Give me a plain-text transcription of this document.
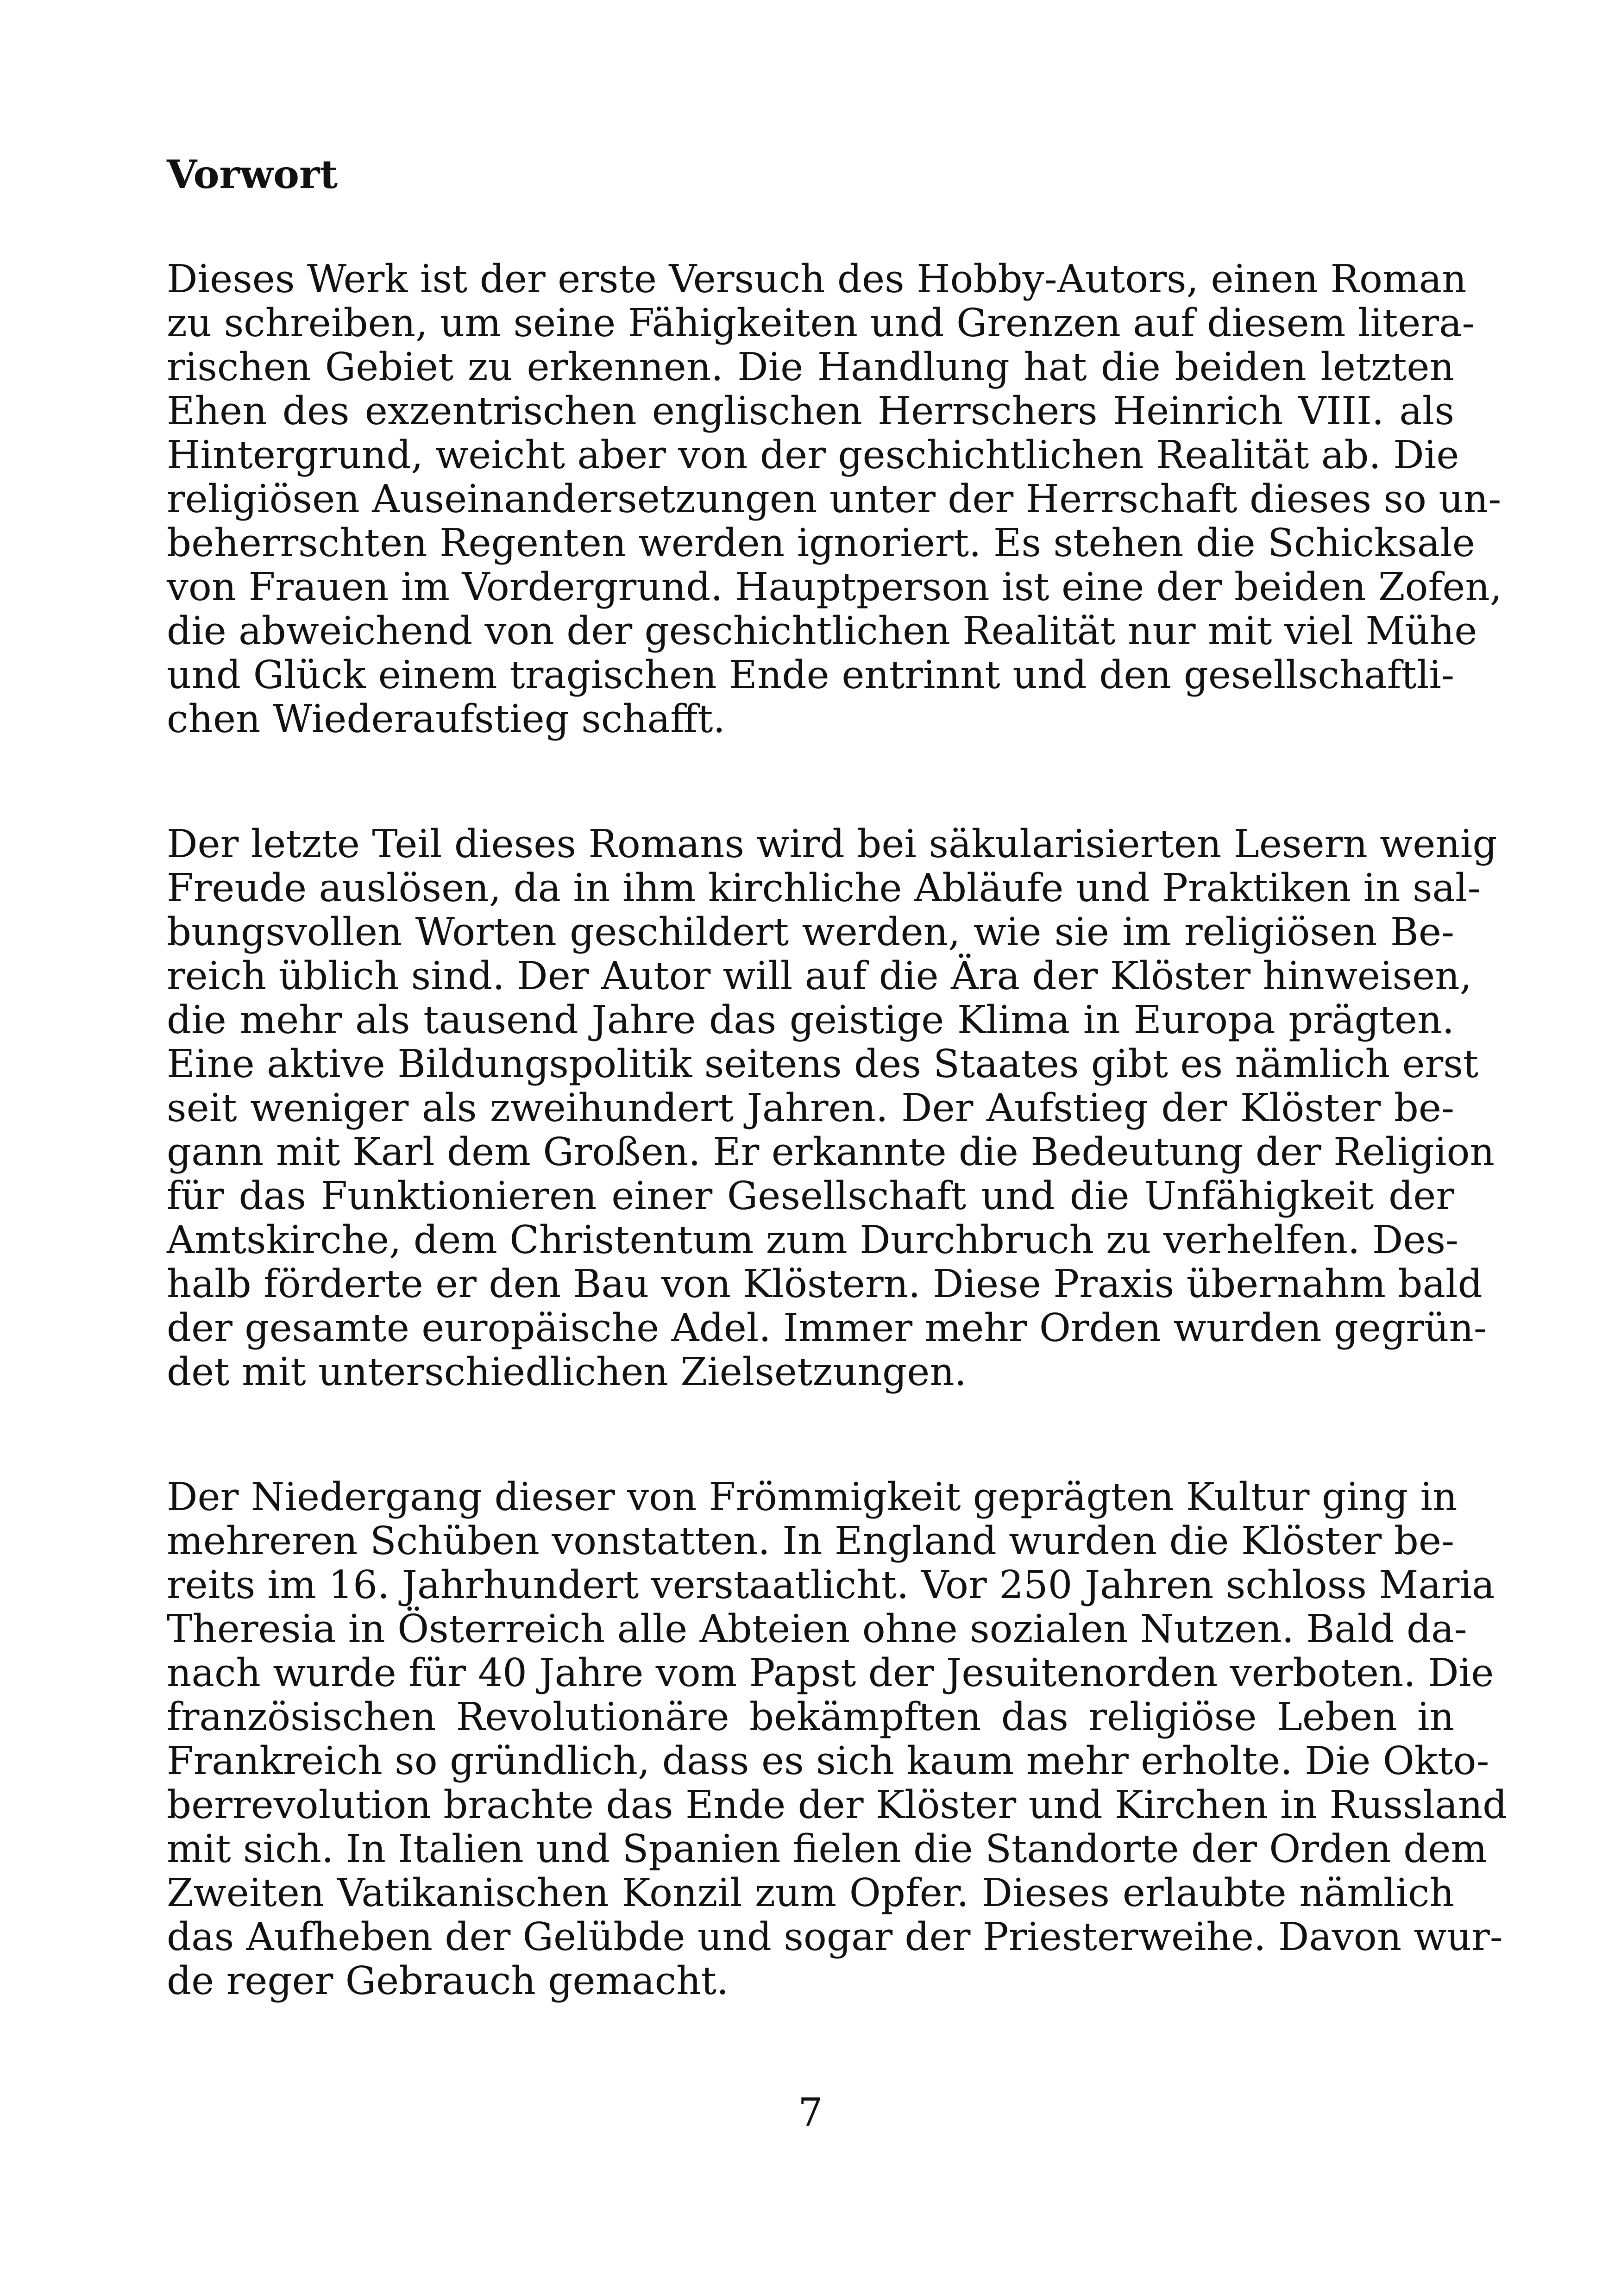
Vorwort
Dieses Werk ist der erste Versuch des Hobby-Autors, einen Roman
zu schreiben, um seine Fähigkeiten und Grenzen auf diesem litera-
rischen Gebiet zu erkennen. Die Handlung hat die beiden letzten
Ehen des exzentrischen englischen Herrschers Heinrich VIII. als
Hintergrund, weicht aber von der geschichtlichen Realität ab. Die
religiösen Auseinandersetzungen unter der Herrschaft dieses so un-
beherrschten Regenten werden ignoriert. Es stehen die Schicksale
von Frauen im Vordergrund. Hauptperson ist eine der beiden Zofen,
die abweichend von der geschichtlichen Realität nur mit viel Mühe
und Glück einem tragischen Ende entrinnt und den gesellschaftli-
chen Wiederaufstieg schafft.
Der letzte Teil dieses Romans wird bei säkularisierten Lesern wenig
Freude auslösen, da in ihm kirchliche Abläufe und Praktiken in sal-
bungsvollen Worten geschildert werden, wie sie im religiösen Be-
reich üblich sind. Der Autor will auf die Ära der Klöster hinweisen,
die mehr als tausend Jahre das geistige Klima in Europa prägten.
Eine aktive Bildungspolitik seitens des Staates gibt es nämlich erst
seit weniger als zweihundert Jahren. Der Aufstieg der Klöster be-
gann mit Karl dem Großen. Er erkannte die Bedeutung der Religion
für das Funktionieren einer Gesellschaft und die Unfähigkeit der
Amtskirche, dem Christentum zum Durchbruch zu verhelfen. Des-
halb förderte er den Bau von Klöstern. Diese Praxis übernahm bald
der gesamte europäische Adel. Immer mehr Orden wurden gegrün-
det mit unterschiedlichen Zielsetzungen.
Der Niedergang dieser von Frömmigkeit geprägten Kultur ging in
mehreren Schüben vonstatten. In England wurden die Klöster be-
reits im 16. Jahrhundert verstaatlicht. Vor 250 Jahren schloss Maria
Theresia in Österreich alle Abteien ohne sozialen Nutzen. Bald da-
nach wurde für 40 Jahre vom Papst der Jesuitenorden verboten. Die
französischen Revolutionäre bekämpften das religiöse Leben in
Frankreich so gründlich, dass es sich kaum mehr erholte. Die Okto-
berrevolution brachte das Ende der Klöster und Kirchen in Russland
mit sich. In Italien und Spanien fielen die Standorte der Orden dem
Zweiten Vatikanischen Konzil zum Opfer. Dieses erlaubte nämlich
das Aufheben der Gelübde und sogar der Priesterweihe. Davon wur-
de reger Gebrauch gemacht.
7
